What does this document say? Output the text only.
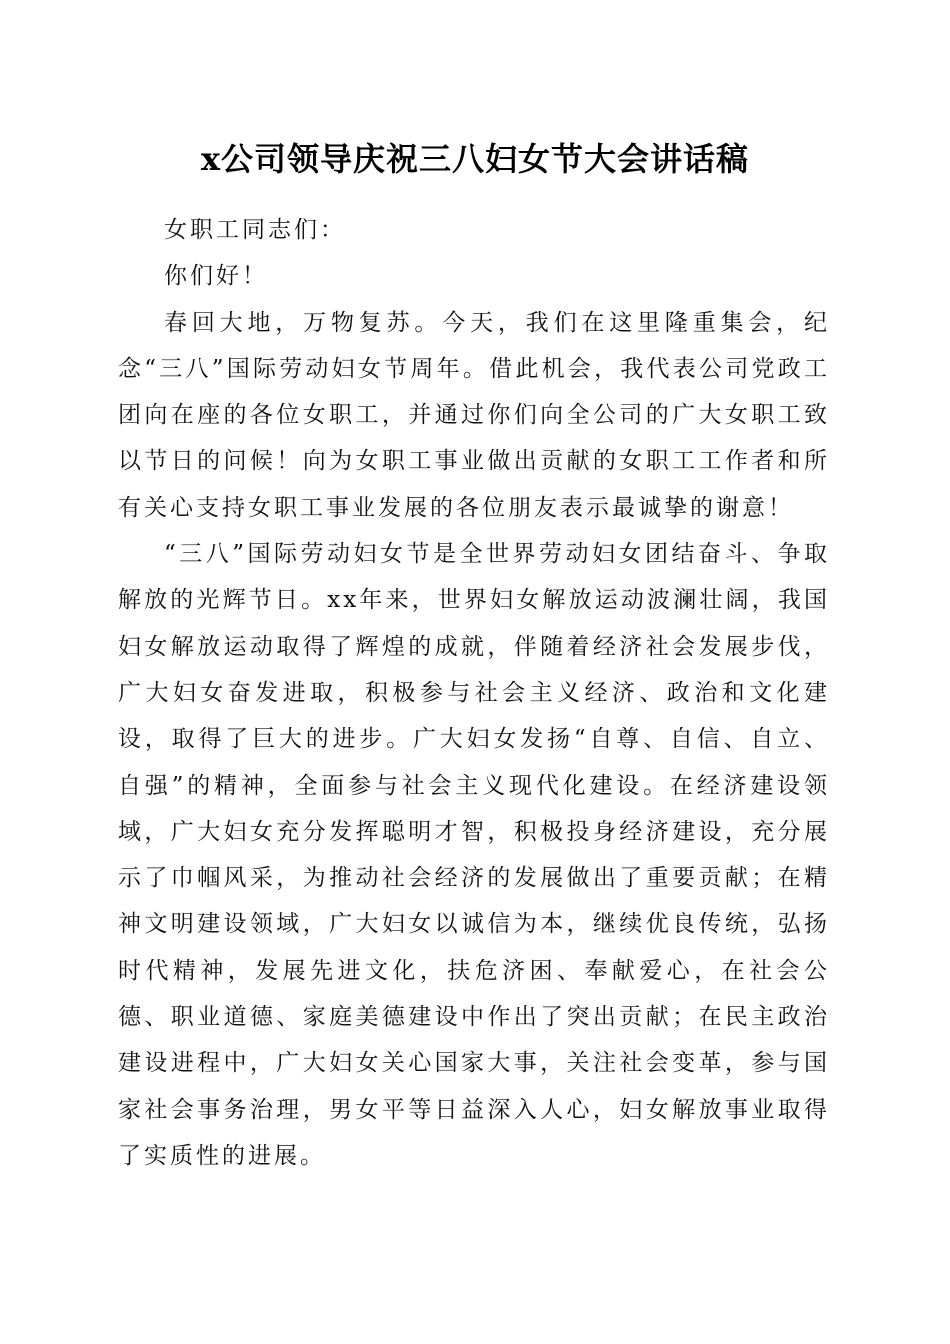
x公司领导庆祝三八妇女节大会讲话稿

女职工同志们：

你们好！

春回大地，万物复苏。今天，我们在这里隆重集会，纪念“三八”国际劳动妇女节周年。借此机会，我代表公司党政工团向在座的各位女职工，并通过你们向全公司的广大女职工致以节日的问候！向为女职工事业做出贡献的女职工工作者和所有关心支持女职工事业发展的各位朋友表示最诚挚的谢意！

“三八”国际劳动妇女节是全世界劳动妇女团结奋斗、争取解放的光辉节日。xx年来，世界妇女解放运动波澜壮阔，我国妇女解放运动取得了辉煌的成就，伴随着经济社会发展步伐，广大妇女奋发进取，积极参与社会主义经济、政治和文化建设，取得了巨大的进步。广大妇女发扬“自尊、自信、自立、自强”的精神，全面参与社会主义现代化建设。在经济建设领域，广大妇女充分发挥聪明才智，积极投身经济建设，充分展示了巾帼风采，为推动社会经济的发展做出了重要贡献；在精神文明建设领域，广大妇女以诚信为本，继续优良传统，弘扬时代精神，发展先进文化，扶危济困、奉献爱心，在社会公德、职业道德、家庭美德建设中作出了突出贡献；在民主政治建设进程中，广大妇女关心国家大事，关注社会变革，参与国家社会事务治理，男女平等日益深入人心，妇女解放事业取得了实质性的进展。
